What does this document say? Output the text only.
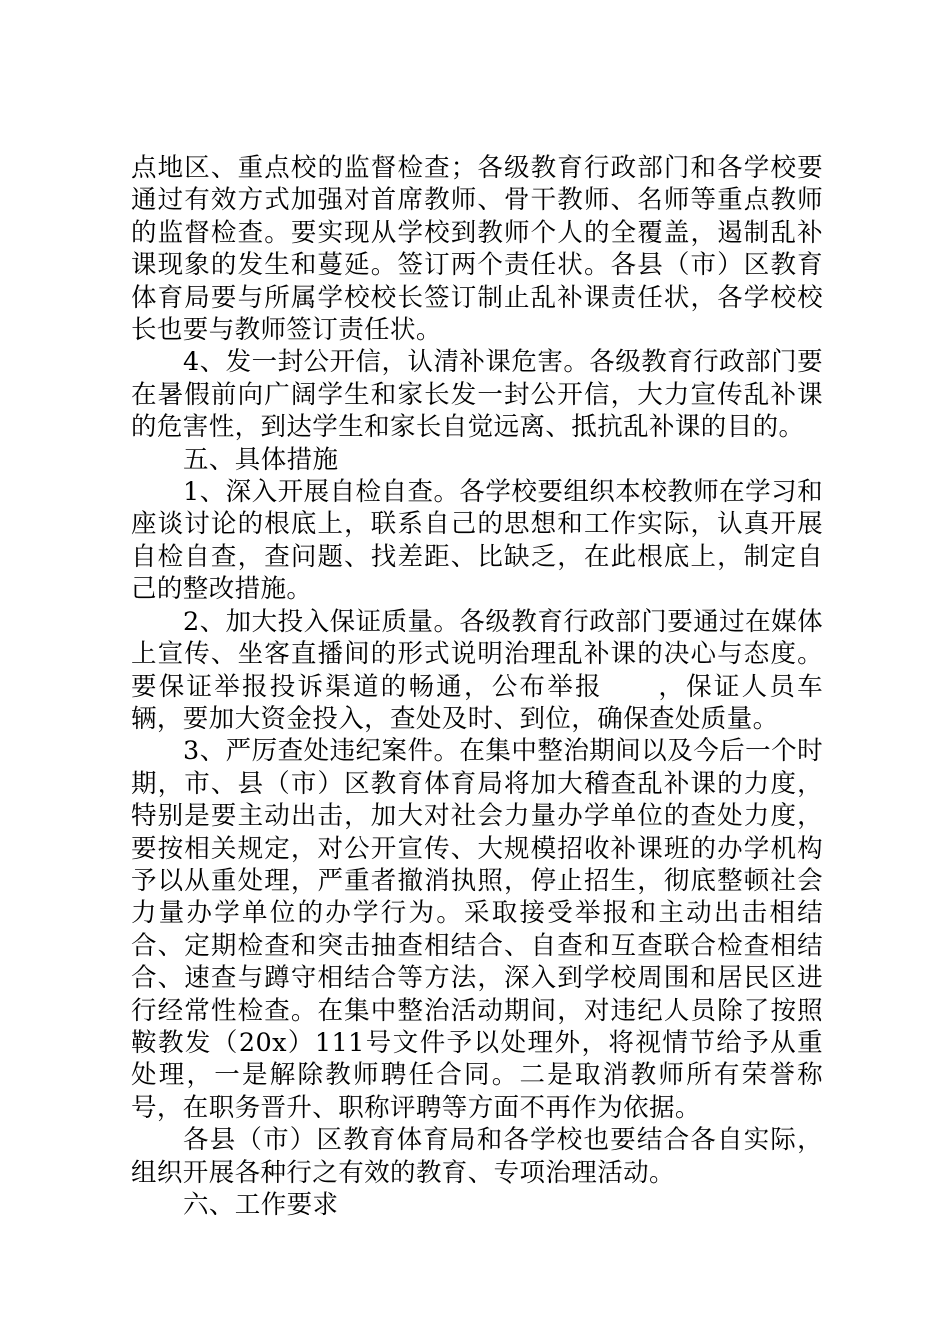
点地区、重点校的监督检查；各级教育行政部门和各学校要通过有效方式加强对首席教师、骨干教师、名师等重点教师的监督检查。要实现从学校到教师个人的全覆盖，遏制乱补课现象的发生和蔓延。签订两个责任状。各县（市）区教育体育局要与所属学校校长签订制止乱补课责任状，各学校校长也要与教师签订责任状。

4、发一封公开信，认清补课危害。各级教育行政部门要在暑假前向广阔学生和家长发一封公开信，大力宣传乱补课的危害性，到达学生和家长自觉远离、抵抗乱补课的目的。

五、具体措施

1、深入开展自检自查。各学校要组织本校教师在学习和座谈讨论的根底上，联系自己的思想和工作实际，认真开展自检自查，查问题、找差距、比缺乏，在此根底上，制定自己的整改措施。

2、加大投入保证质量。各级教育行政部门要通过在媒体上宣传、坐客直播间的形式说明治理乱补课的决心与态度。要保证举报投诉渠道的畅通，公布举报　　，保证人员车辆，要加大资金投入，查处及时、到位，确保查处质量。

3、严厉查处违纪案件。在集中整治期间以及今后一个时期，市、县（市）区教育体育局将加大稽查乱补课的力度，特别是要主动出击，加大对社会力量办学单位的查处力度，要按相关规定，对公开宣传、大规模招收补课班的办学机构予以从重处理，严重者撤消执照，停止招生，彻底整顿社会力量办学单位的办学行为。采取接受举报和主动出击相结合、定期检查和突击抽查相结合、自查和互查联合检查相结合、速查与蹲守相结合等方法，深入到学校周围和居民区进行经常性检查。在集中整治活动期间，对违纪人员除了按照鞍教发（20x）111号文件予以处理外，将视情节给予从重处理，一是解除教师聘任合同。二是取消教师所有荣誉称号，在职务晋升、职称评聘等方面不再作为依据。

各县（市）区教育体育局和各学校也要结合各自实际，组织开展各种行之有效的教育、专项治理活动。

六、工作要求
